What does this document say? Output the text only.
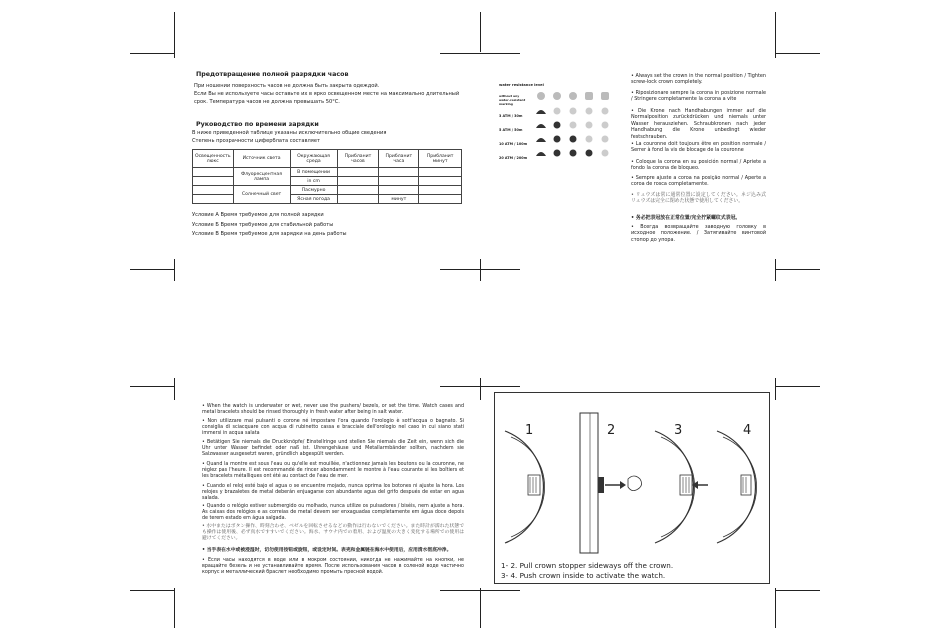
Предотвращение полной разрядки часов
При ношении поверхность часов не должна быть закрыта одеждой.
Если Вы не используете часы оставьте их в ярко освещенном месте на максимально длительный
срок. Температура часов не должна превышать 50°C.
Руководство по времени зарядки
В ниже приведенной таблице указаны исключительно общие сведения
Степень прозрачности циферблата составляет
Освещенность люкс	Источник света	Окружающая среда	Прибланит часов	Прибланит часа	Прибланит минут
	Флуоресцентная лампа	В помещении			
		in cm			
	Солнечный свет	Пасмурно			
		Ясная погода		минут	
Условие А Время требуемое для полной зарядки
Условие Б Время требуемое для стабильной работы
Условие В Время требуемое для зарядки на день работы
water resistance level
without any water-resistant marking
3 ATM / 30m
5 ATM / 50m
10 ATM / 100m
20 ATM / 200m
• Always set the crown in the normal position / Tighten screw-lock crown completely.
• Riposizionare sempre la corona in posizione normale / Stringere completamente la corona a vite
• Die Krone nach Handhabungen immer auf die Normalposition zurückdrücken und niemals unter Wasser herausziehen. Schraubkronen nach jeder Handhabung die Krone unbedingt wieder festschrauben.
• La couronne doit toujours être en position normale / Serrer à fond la vis de blocage de la couronne
• Coloque la corona en su posición normal / Apriete a fondo la corona de bloqueo.
• Sempre ajuste a coroa na posição normal / Aperte a coroa de rosca completamente.
• リュウズは常に通常位置に設定してください。ネジ込み式リュウズは完全に閉めた状態で使用してください。
• 务必把表冠放在正常位置/完全拧紧螺纹式表冠。
• Всегда возвращайте заводную головку в исходное положение. / Затягивайте винтовой стопор до упора.
• When the watch is underwater or wet, never use the pushers/ bezels, or set the time. Watch cases and metal bracelets should be rinsed thoroughly in fresh water after being in salt water.
• Non utilizzare mai pulsanti o corone né impostare l'ora quando l'orologio è sott'acqua o bagnato. Si consiglia di sciacquare con acqua di rubinetto cassa e bracciale dell'orologio nel caso in cui siano stati immersi in acqua salata
• Betätigen Sie niemals die Druckknöpfe/ Einstellringe und stellen Sie niemals die Zeit ein, wenn sich die Uhr unter Wasser befindet oder naß ist. Uhrengehäuse und Metallarmbänder sollten, nachdem sie Salzwasser ausgesetzt waren, gründlich abgespült werden.
• Quand la montre est sous l'eau ou qu'elle est mouillée, n'actionnez jamais les boutons ou la couronne, ne réglez pas l'heure. Il est recommandé de rincer abondamment le montre à l'eau courante si les boîtiers et les bracelets métalliques ont été au contact de l'eau de mer.
• Cuando el reloj esté bajo el agua o se encuentre mojado, nunca oprima los botones ni ajuste la hora. Los relojes y brazaletes de metal deberán enjuagarse con abundante agua del grifo después de estar en agua salada.
• Quando o relógio estiver submergido ou molhado, nunca utilize os pulsadores / biséis, nem ajuste a hora. As caixas dos relógios e as correias de metal devem ser enxaguadas completamente em água doce depois de terem estado em água salgada.
• 水中またはボタン操作、時刻合わせ、ベゼルを回転させるなどの動作は行わないでください。また時計が濡れた状態でも操作は使用後、必ず真水ですすいでください。海水、サウナ内での着用、および温度の大きく変化する場所での使用は避けてください。
• 当手表在水中或被浸湿时，切勿使用按钮或旋钮，或设定时间。表壳和金属链在海水中使用后，应用清水彻底冲净。
• Если часы находятся в воде или в мокром состоянии, никогда не нажимайте на кнопки, не вращайте безель и не устанавливайте время. После использования часов в соленой воде частично корпус и металлический браслет необходимо промыть пресной водой.
1	2	3	4
1- 2. Pull crown stopper sideways off the crown.
3- 4. Push crown inside to activate the watch.
